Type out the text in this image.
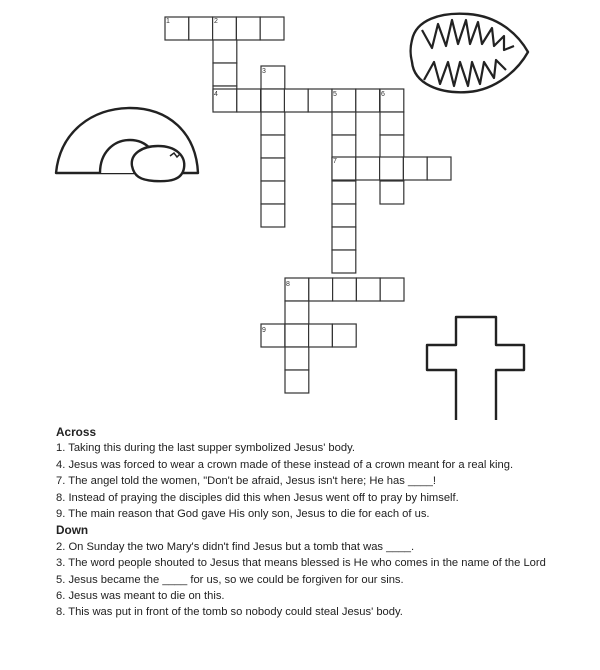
1	2
3
4	5	6
7
8
9
Across
1. Taking this during the last supper symbolized Jesus' body.
4. Jesus was forced to wear a crown made of these instead of a crown meant for a real king.
7. The angel told the women, "Don't be afraid, Jesus isn't here; He has ____!
8. Instead of praying the disciples did this when Jesus went off to pray by himself.
9. The main reason that God gave His only son, Jesus to die for each of us.
Down
2. On Sunday the two Mary's didn't find Jesus but a tomb that was ____.
3. The word people shouted to Jesus that means blessed is He who comes in the name of the Lord
5. Jesus became the ____ for us, so we could be forgiven for our sins.
6. Jesus was meant to die on this.
8. This was put in front of the tomb so nobody could steal Jesus' body.
